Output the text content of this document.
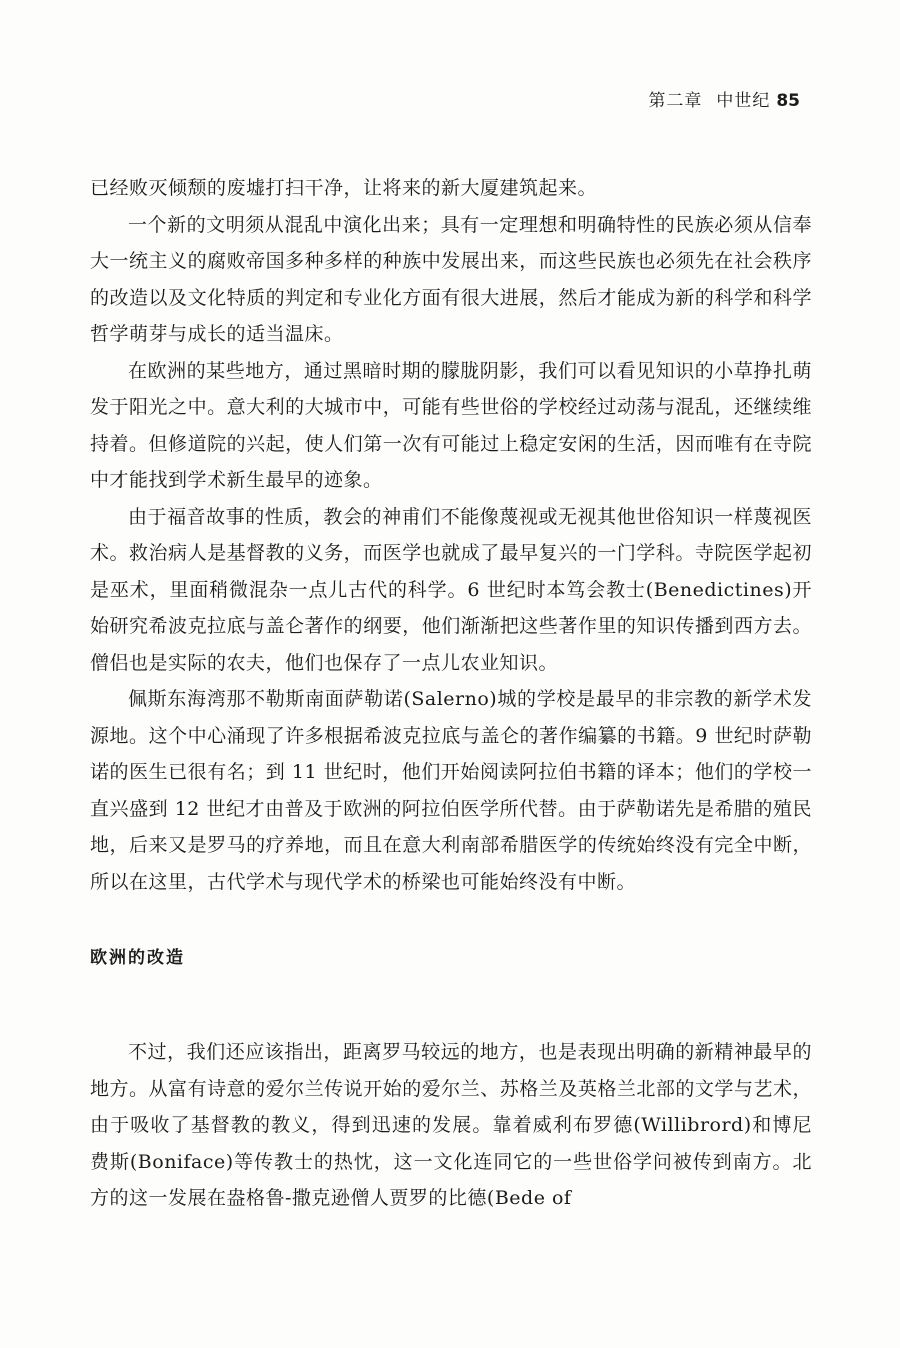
第二章 中世纪 85

已经败灭倾颓的废墟打扫干净，让将来的新大厦建筑起来。

一个新的文明须从混乱中演化出来；具有一定理想和明确特性的民族必须从信奉大一统主义的腐败帝国多种多样的种族中发展出来，而这些民族也必须先在社会秩序的改造以及文化特质的判定和专业化方面有很大进展，然后才能成为新的科学和科学哲学萌芽与成长的适当温床。

在欧洲的某些地方，通过黑暗时期的朦胧阴影，我们可以看见知识的小草挣扎萌发于阳光之中。意大利的大城市中，可能有些世俗的学校经过动荡与混乱，还继续维持着。但修道院的兴起，使人们第一次有可能过上稳定安闲的生活，因而唯有在寺院中才能找到学术新生最早的迹象。

由于福音故事的性质，教会的神甫们不能像蔑视或无视其他世俗知识一样蔑视医术。救治病人是基督教的义务，而医学也就成了最早复兴的一门学科。寺院医学起初是巫术，里面稍微混杂一点儿古代的科学。6 世纪时本笃会教士(Benedictines)开始研究希波克拉底与盖仑著作的纲要，他们渐渐把这些著作里的知识传播到西方去。僧侣也是实际的农夫，他们也保存了一点儿农业知识。

佩斯东海湾那不勒斯南面萨勒诺(Salerno)城的学校是最早的非宗教的新学术发源地。这个中心涌现了许多根据希波克拉底与盖仑的著作编纂的书籍。9 世纪时萨勒诺的医生已很有名；到 11 世纪时，他们开始阅读阿拉伯书籍的译本；他们的学校一直兴盛到 12 世纪才由普及于欧洲的阿拉伯医学所代替。由于萨勒诺先是希腊的殖民地，后来又是罗马的疗养地，而且在意大利南部希腊医学的传统始终没有完全中断，所以在这里，古代学术与现代学术的桥梁也可能始终没有中断。

欧洲的改造

不过，我们还应该指出，距离罗马较远的地方，也是表现出明确的新精神最早的地方。从富有诗意的爱尔兰传说开始的爱尔兰、苏格兰及英格兰北部的文学与艺术，由于吸收了基督教的教义，得到迅速的发展。靠着威利布罗德(Willibrord)和博尼费斯(Boniface)等传教士的热忱，这一文化连同它的一些世俗学问被传到南方。北方的这一发展在盎格鲁-撒克逊僧人贾罗的比德(Bede of
